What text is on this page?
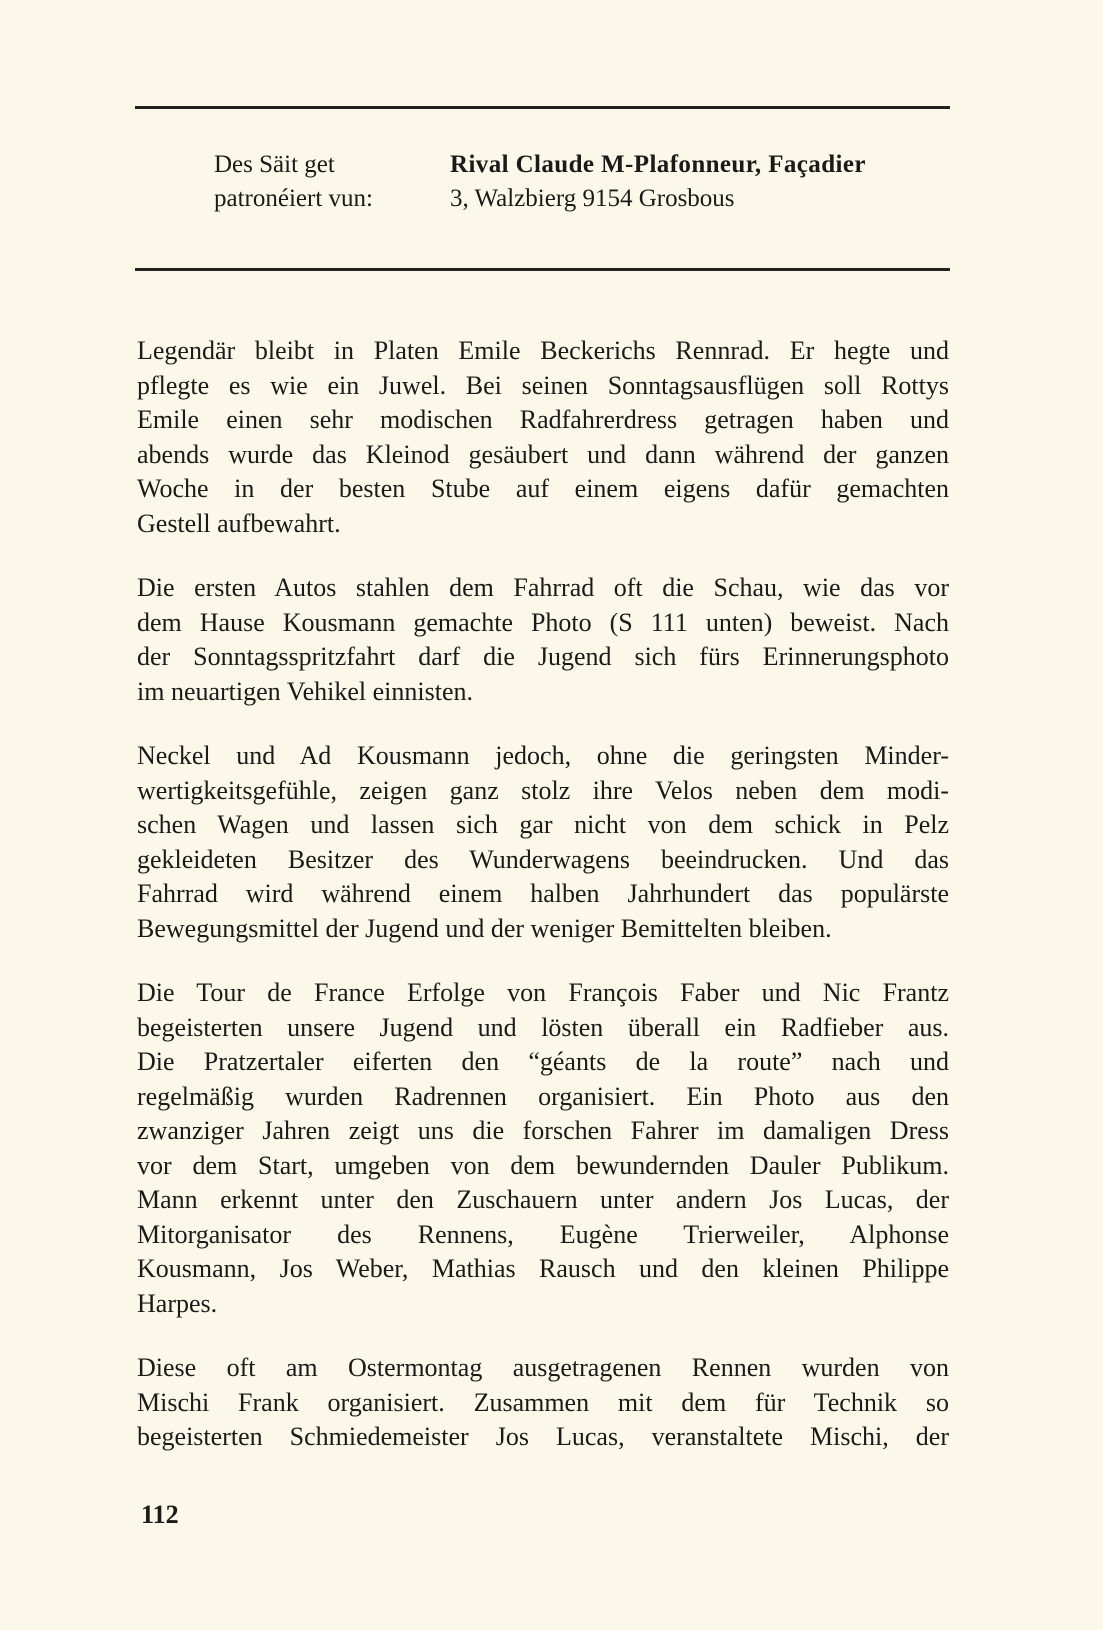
Des Säit get	Rival Claude M-Plafonneur, Façadier
patronéiert vun:	3, Walzbierg 9154 Grosbous
Legendär bleibt in Platen Emile Beckerichs Rennrad. Er hegte und
pflegte es wie ein Juwel. Bei seinen Sonntagsausflügen soll Rottys
Emile einen sehr modischen Radfahrerdress getragen haben und
abends wurde das Kleinod gesäubert und dann während der ganzen
Woche in der besten Stube auf einem eigens dafür gemachten
Gestell aufbewahrt.
Die ersten Autos stahlen dem Fahrrad oft die Schau, wie das vor
dem Hause Kousmann gemachte Photo (S 111 unten) beweist. Nach
der Sonntagsspritzfahrt darf die Jugend sich fürs Erinnerungsphoto
im neuartigen Vehikel einnisten.
Neckel und Ad Kousmann jedoch, ohne die geringsten Minder-
wertigkeitsgefühle, zeigen ganz stolz ihre Velos neben dem modi-
schen Wagen und lassen sich gar nicht von dem schick in Pelz
gekleideten Besitzer des Wunderwagens beeindrucken. Und das
Fahrrad wird während einem halben Jahrhundert das populärste
Bewegungsmittel der Jugend und der weniger Bemittelten bleiben.
Die Tour de France Erfolge von François Faber und Nic Frantz
begeisterten unsere Jugend und lösten überall ein Radfieber aus.
Die Pratzertaler eiferten den “géants de la route” nach und
regelmäßig wurden Radrennen organisiert. Ein Photo aus den
zwanziger Jahren zeigt uns die forschen Fahrer im damaligen Dress
vor dem Start, umgeben von dem bewundernden Dauler Publikum.
Mann erkennt unter den Zuschauern unter andern Jos Lucas, der
Mitorganisator des Rennens, Eugène Trierweiler, Alphonse
Kousmann, Jos Weber, Mathias Rausch und den kleinen Philippe
Harpes.
Diese oft am Ostermontag ausgetragenen Rennen wurden von
Mischi Frank organisiert. Zusammen mit dem für Technik so
begeisterten Schmiedemeister Jos Lucas, veranstaltete Mischi, der
112
